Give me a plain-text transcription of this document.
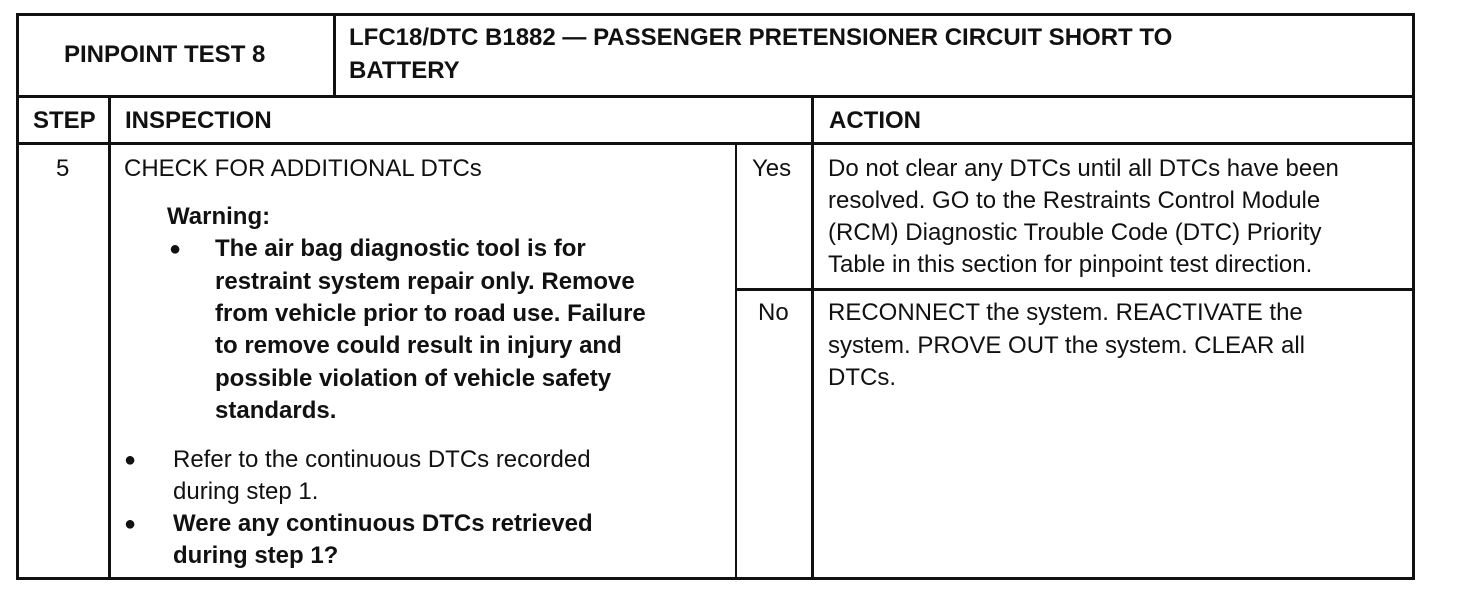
PINPOINT TEST 8
LFC18/DTC B1882 — PASSENGER PRETENSIONER CIRCUIT SHORT TO
BATTERY
STEP INSPECTION	ACTION
5 CHECK FOR ADDITIONAL DTCs
Warning:
● The air bag diagnostic tool is for
restraint system repair only. Remove
from vehicle prior to road use. Failure
to remove could result in injury and
possible violation of vehicle safety
standards.
● Refer to the continuous DTCs recorded
during step 1.
● Were any continuous DTCs retrieved
during step 1?
Yes
No
Do not clear any DTCs until all DTCs have been
resolved. GO to the Restraints Control Module
(RCM) Diagnostic Trouble Code (DTC) Priority
Table in this section for pinpoint test direction.
RECONNECT the system. REACTIVATE the
system. PROVE OUT the system. CLEAR all
DTCs.
